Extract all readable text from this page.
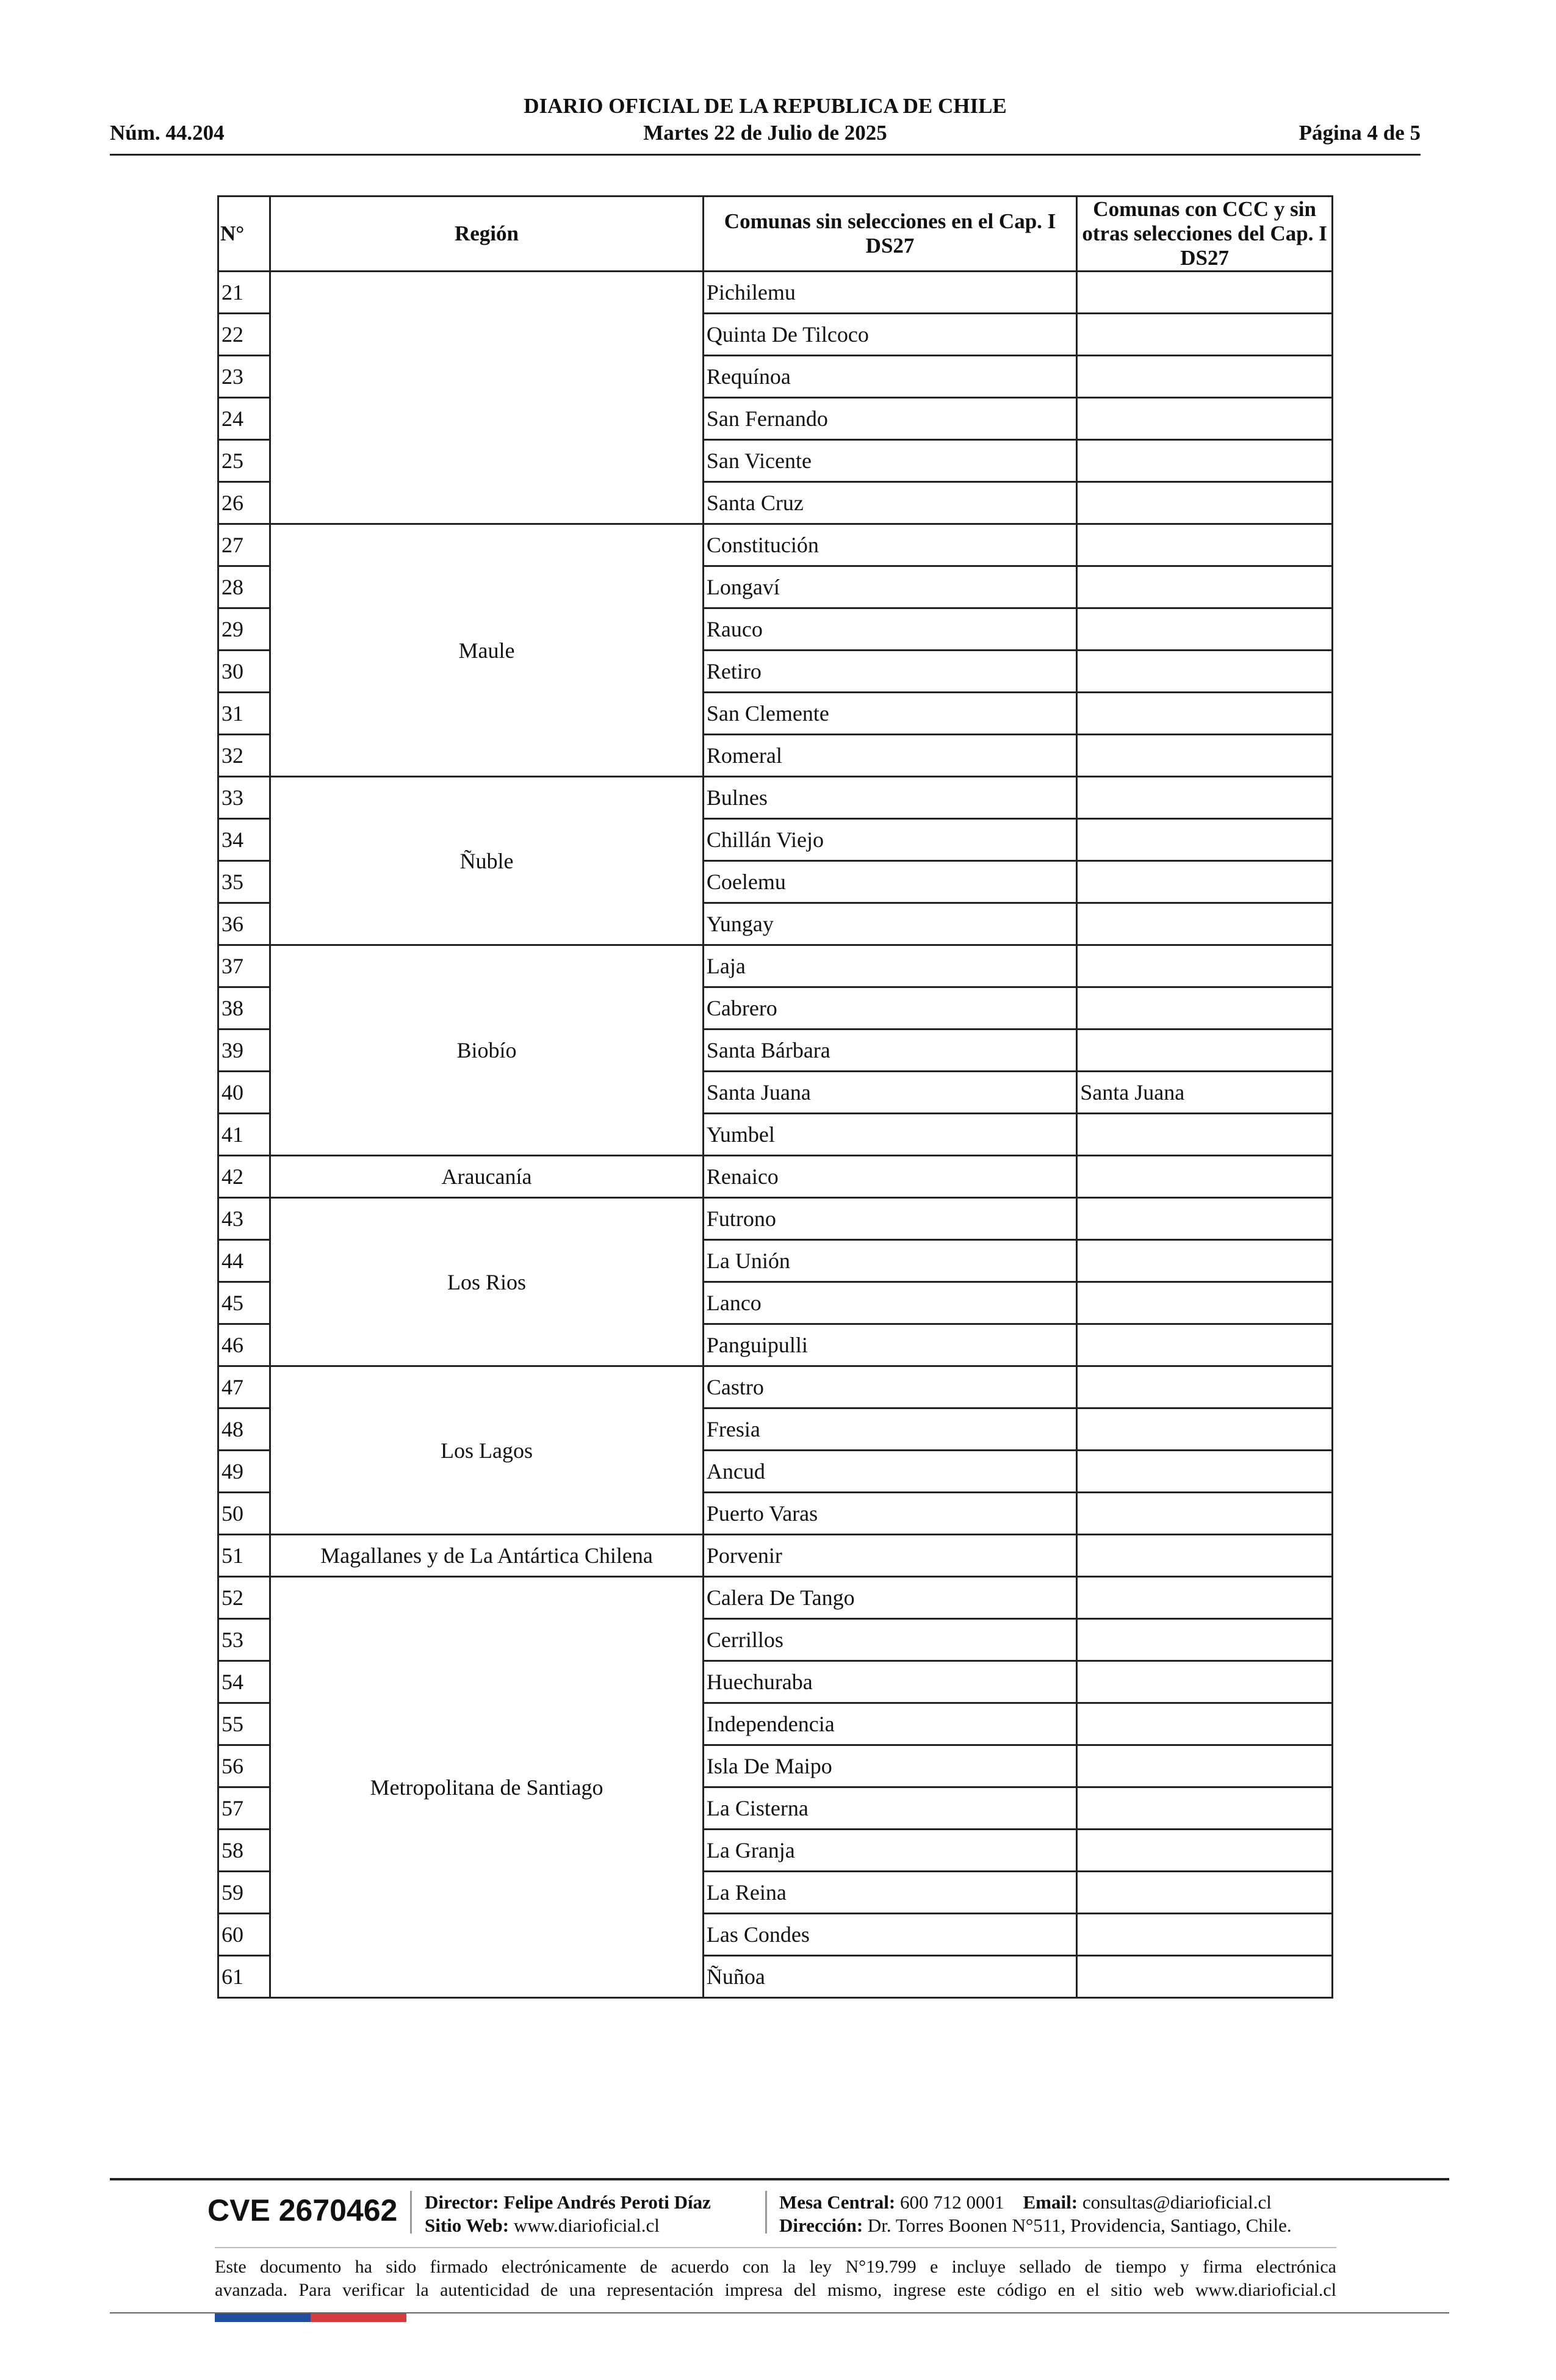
DIARIO OFICIAL DE LA REPUBLICA DE CHILE
Martes 22 de Julio de 2025
Núm. 44.204	Página 4 de 5
N°	Región	Comunas sin selecciones en el Cap. I DS27	Comunas con CCC y sin otras selecciones del Cap. I DS27
21		Pichilemu	
22		Quinta De Tilcoco	
23		Requínoa	
24		San Fernando	
25		San Vicente	
26		Santa Cruz	
27	Maule	Constitución	
28		Longaví	
29		Rauco	
30		Retiro	
31		San Clemente	
32		Romeral	
33	Ñuble	Bulnes	
34		Chillán Viejo	
35		Coelemu	
36		Yungay	
37	Biobío	Laja	
38		Cabrero	
39		Santa Bárbara	
40		Santa Juana	Santa Juana
41		Yumbel	
42	Araucanía	Renaico	
43	Los Rios	Futrono	
44		La Unión	
45		Lanco	
46		Panguipulli	
47	Los Lagos	Castro	
48		Fresia	
49		Ancud	
50		Puerto Varas	
51	Magallanes y de La Antártica Chilena	Porvenir	
52	Metropolitana de Santiago	Calera De Tango	
53		Cerrillos	
54		Huechuraba	
55		Independencia	
56		Isla De Maipo	
57		La Cisterna	
58		La Granja	
59		La Reina	
60		Las Condes	
61		Ñuñoa	
CVE 2670462 Director: Felipe Andrés Peroti Díaz
Sitio Web: www.diarioficial.cl
Mesa Central: 600 712 0001 Email: consultas@diarioficial.cl
Dirección: Dr. Torres Boonen N°511, Providencia, Santiago, Chile.
Este documento ha sido firmado electrónicamente de acuerdo con la ley N°19.799 e incluye sellado de tiempo y firma electrónica
avanzada. Para verificar la autenticidad de una representación impresa del mismo, ingrese este código en el sitio web www.diarioficial.cl
